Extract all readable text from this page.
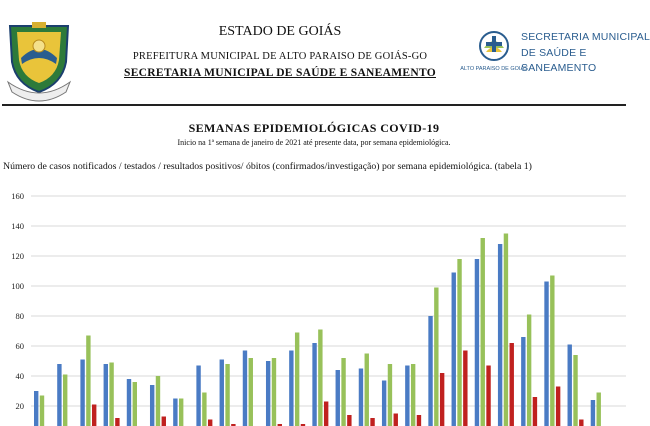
ESTADO DE GOIÁS
PREFEITURA MUNICIPAL DE ALTO PARAISO DE GOIÁS-GO
SECRETARIA MUNICIPAL DE SAÚDE E SANEAMENTO	ALTO PARAISO DE GOIÁS
SECRETARIA MUNICIPAL
DE SAÚDE E
SANEAMENTO
SEMANAS EPIDEMIOLÓGICAS COVID-19
Inicio na 1ª semana de janeiro de 2021 até presente data, por semana epidemiológica.
Número de casos notificados / testados / resultados positivos/ óbitos (confirmados/investigação) por semana epidemiológica. (tabela 1)
20
40
60
80
100
120
140
160
